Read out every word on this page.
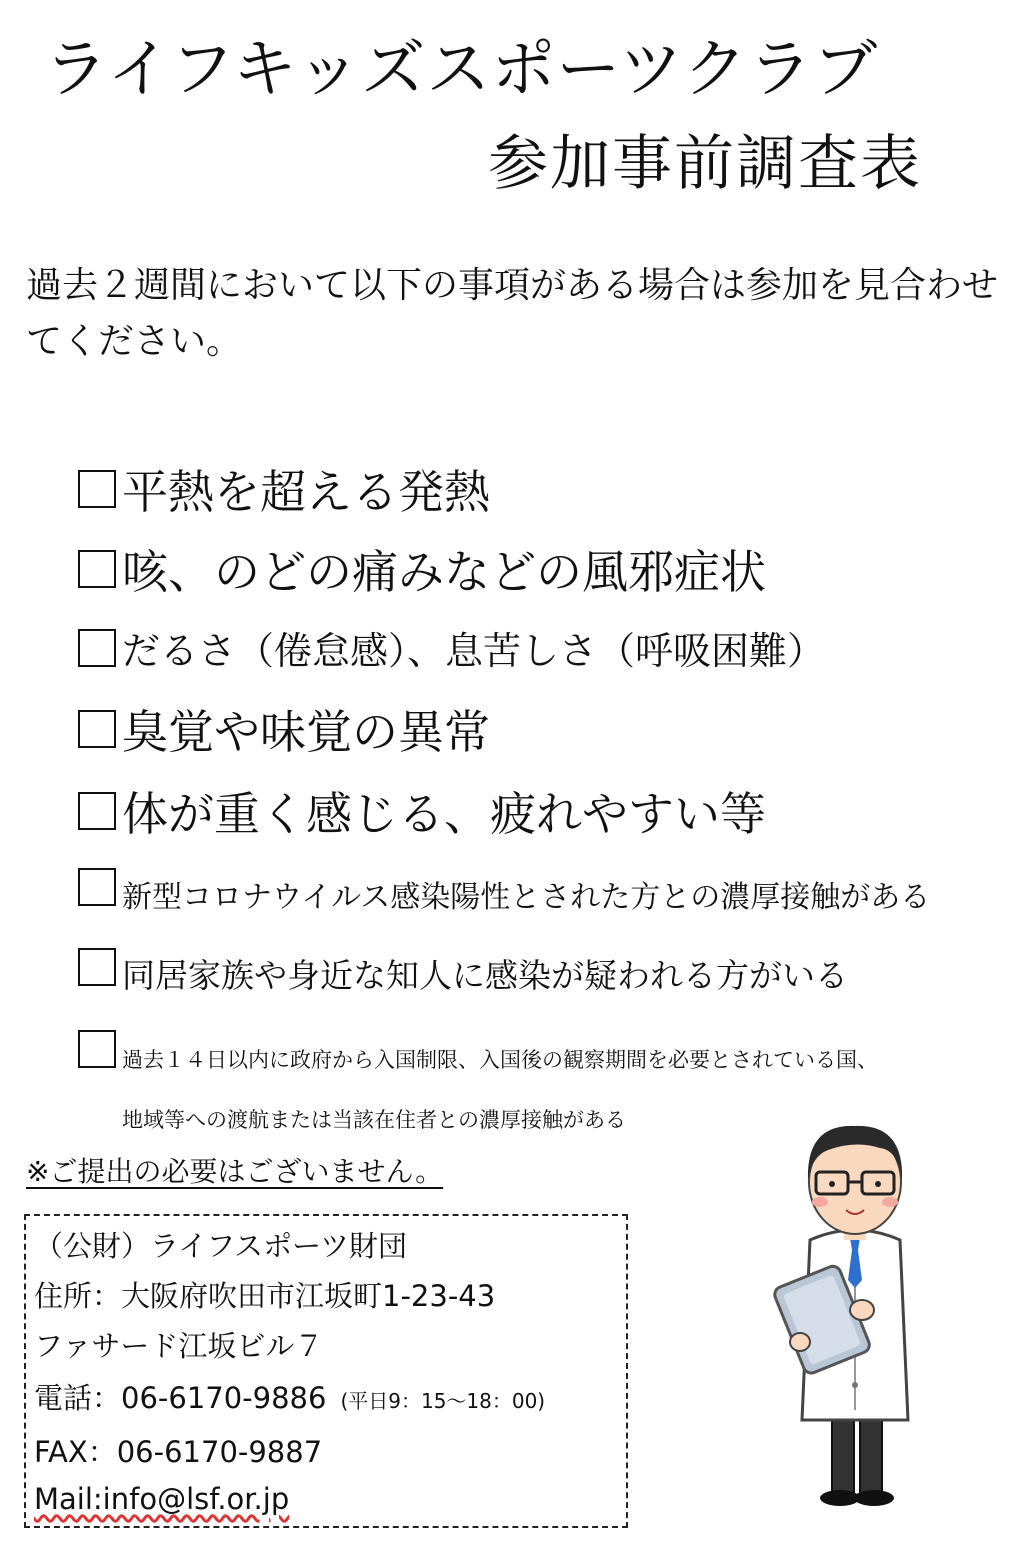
ライフキッズスポーツクラブ
参加事前調査表
過去２週間において以下の事項がある場合は参加を見合わせてください。
平熱を超える発熱
咳、のどの痛みなどの風邪症状
だるさ（倦怠感）、息苦しさ（呼吸困難）
臭覚や味覚の異常
体が重く感じる、疲れやすい等
新型コロナウイルス感染陽性とされた方との濃厚接触がある
同居家族や身近な知人に感染が疑われる方がいる
過去１４日以内に政府から入国制限、入国後の観察期間を必要とされている国、
地域等への渡航または当該在住者との濃厚接触がある
※ご提出の必要はございません。
（公財）ライフスポーツ財団
住所：大阪府吹田市江坂町1-23-43
ファサード江坂ビル７
電話：06-6170-9886 (平日9：15〜18：00)
FAX：06-6170-9887
Mail:info@lsf.or.jp
